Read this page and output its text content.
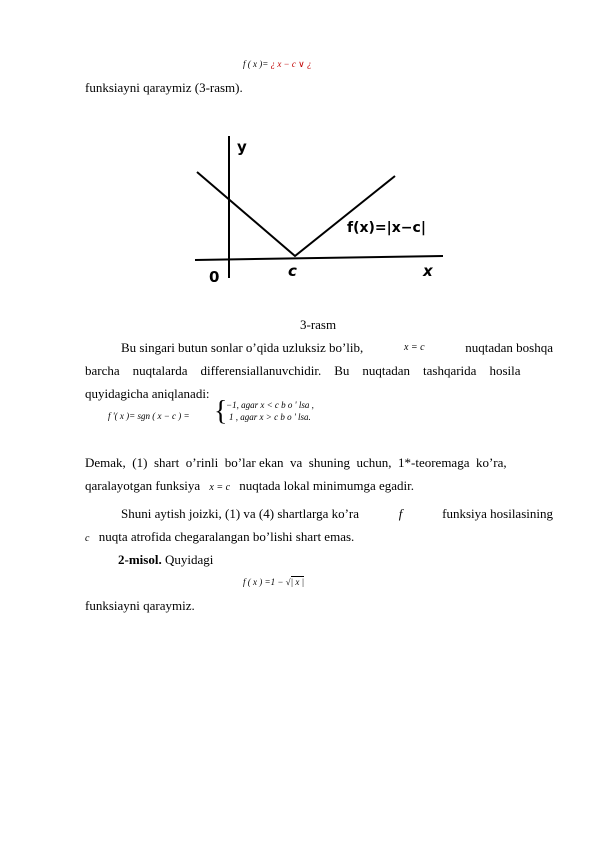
f ( x )= ¿ x − c ∨ ¿
funksiayni qaraymiz (3-rasm).
y
0	c	x
f(x)=|x−c|
3-rasm
Bu singari butun sonlar o’qida uzluksiz bo’lib,	x = c	nuqtadan boshqa
barcha    nuqtalarda    differensiallanuvchidir.    Bu    nuqtadan    tashqarida    hosila
quyidagicha aniqlanadi:
f '( x )= sgn ( x − c ) = {
−1, agar x < c b o ' lsa ,
1 , agar x > c b o ' lsa.
Demak,  (1)  shart  o’rinli  bo’lar ekan  va  shuning  uchun,  1*-teoremaga  ko’ra,
qaralayotgan funksiya x = c nuqtada lokal minimumga egadir.
Shuni aytish joizki, (1) va (4) shartlarga ko’ra	f	funksiya hosilasining
c nuqta atrofida chegaralangan bo’lishi shart emas.
2-misol. Quyidagi
f ( x ) =1 − √| x |
funksiayni qaraymiz.
